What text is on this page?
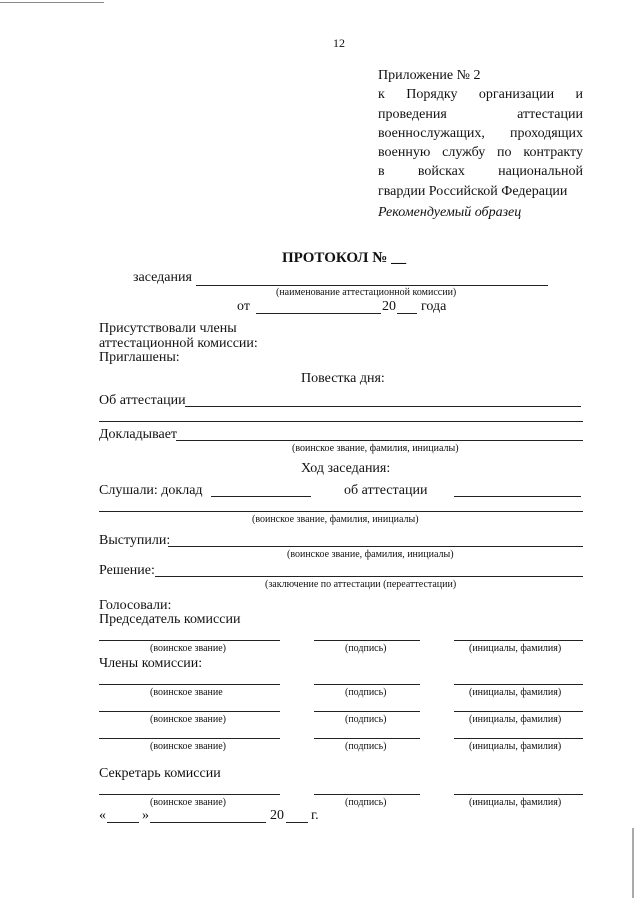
12
Приложение № 2
к Порядку организации и
проведения аттестации
военнослужащих, проходящих
военную службу по контракту
в войсках национальной
гвардии Российской Федерации
Рекомендуемый образец
ПРОТОКОЛ № __
заседания
(наименование аттестационной комиссии)
от	20 года
Присутствовали члены
аттестационной комиссии:
Приглашены:
Повестка дня:
Об аттестации
Докладывает
(воинское звание, фамилия, инициалы)
Ход заседания:
Слушали: доклад	об аттестации
(воинское звание, фамилия, инициалы)
Выступили:
(воинское звание, фамилия, инициалы)
Решение:
(заключение по аттестации (переаттестации)
Голосовали:
Председатель комиссии
(воинское звание)	(подпись)	(инициалы, фамилия)
Члены комиссии:
(воинское звание	(подпись)	(инициалы, фамилия)
(воинское звание)	(подпись)	(инициалы, фамилия)
(воинское звание)	(подпись)	(инициалы, фамилия)
Секретарь комиссии
(воинское звание)	(подпись)	(инициалы, фамилия)
«	»	20 г.
